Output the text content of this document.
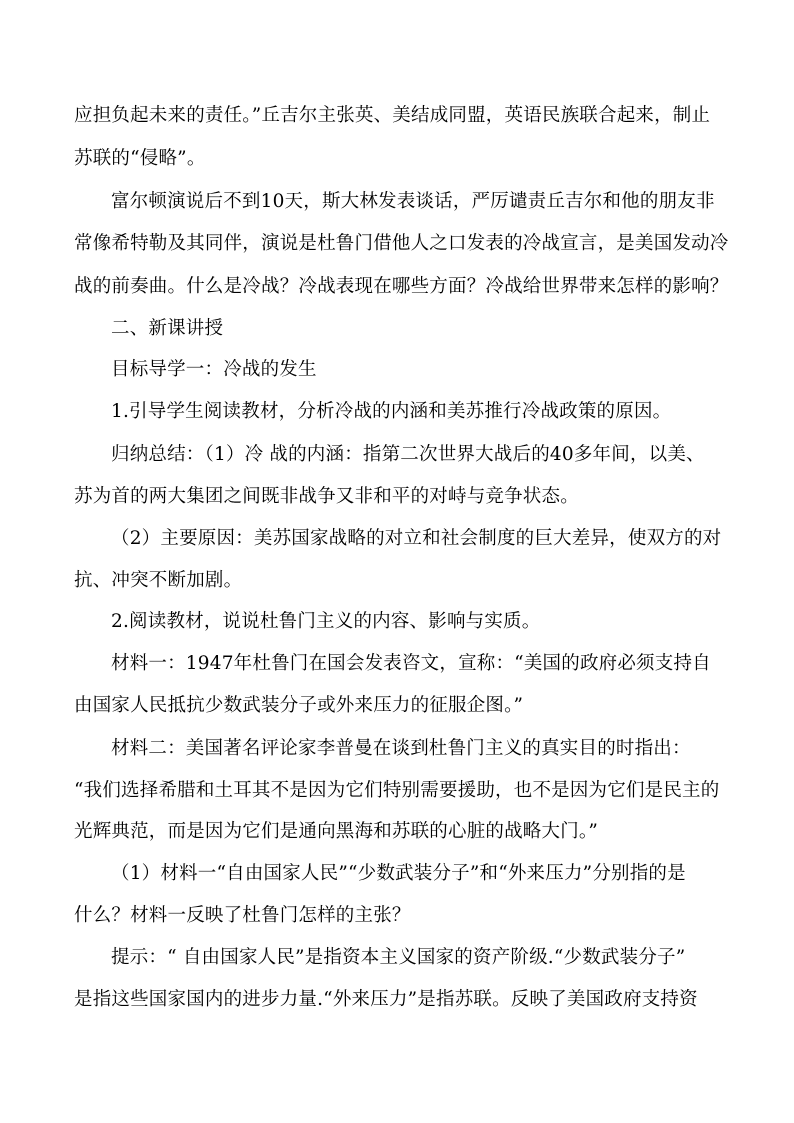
应担负起未来的责任。”丘吉尔主张英、美结成同盟，英语民族联合起来，制止
苏联的“侵略”。
富尔顿演说后不到10天，斯大林发表谈话，严厉谴责丘吉尔和他的朋友非
常像希特勒及其同伴，演说是杜鲁门借他人之口发表的冷战宣言，是美国发动冷
战的前奏曲。什么是冷战？冷战表现在哪些方面？冷战给世界带来怎样的影响？
二、新课讲授
目标导学一：冷战的发生
1.引导学生阅读教材，分析冷战的内涵和美苏推行冷战政策的原因。
归纳总结：（1）冷 战的内涵：指第二次世界大战后的40多年间，以美、
苏为首的两大集团之间既非战争又非和平的对峙与竞争状态。
（2）主要原因：美苏国家战略的对立和社会制度的巨大差异，使双方的对
抗、冲突不断加剧。
2.阅读教材，说说杜鲁门主义的内容、影响与实质。
材料一：1947年杜鲁门在国会发表咨文，宣称：“美国的政府必须支持自
由国家人民抵抗少数武装分子或外来压力的征服企图。”
材料二：美国著名评论家李普曼在谈到杜鲁门主义的真实目的时指出：
“我们选择希腊和土耳其不是因为它们特别需要援助，也不是因为它们是民主的
光辉典范，而是因为它们是通向黑海和苏联的心脏的战略大门。”
（1）材料一“自由国家人民”“少数武装分子”和“外来压力”分别指的是
什么？材料一反映了杜鲁门怎样的主张？
提示：“ 自由国家人民”是指资本主义国家的资产阶级.“少数武装分子”
是指这些国家国内的进步力量.“外来压力”是指苏联。反映了美国政府支持资
